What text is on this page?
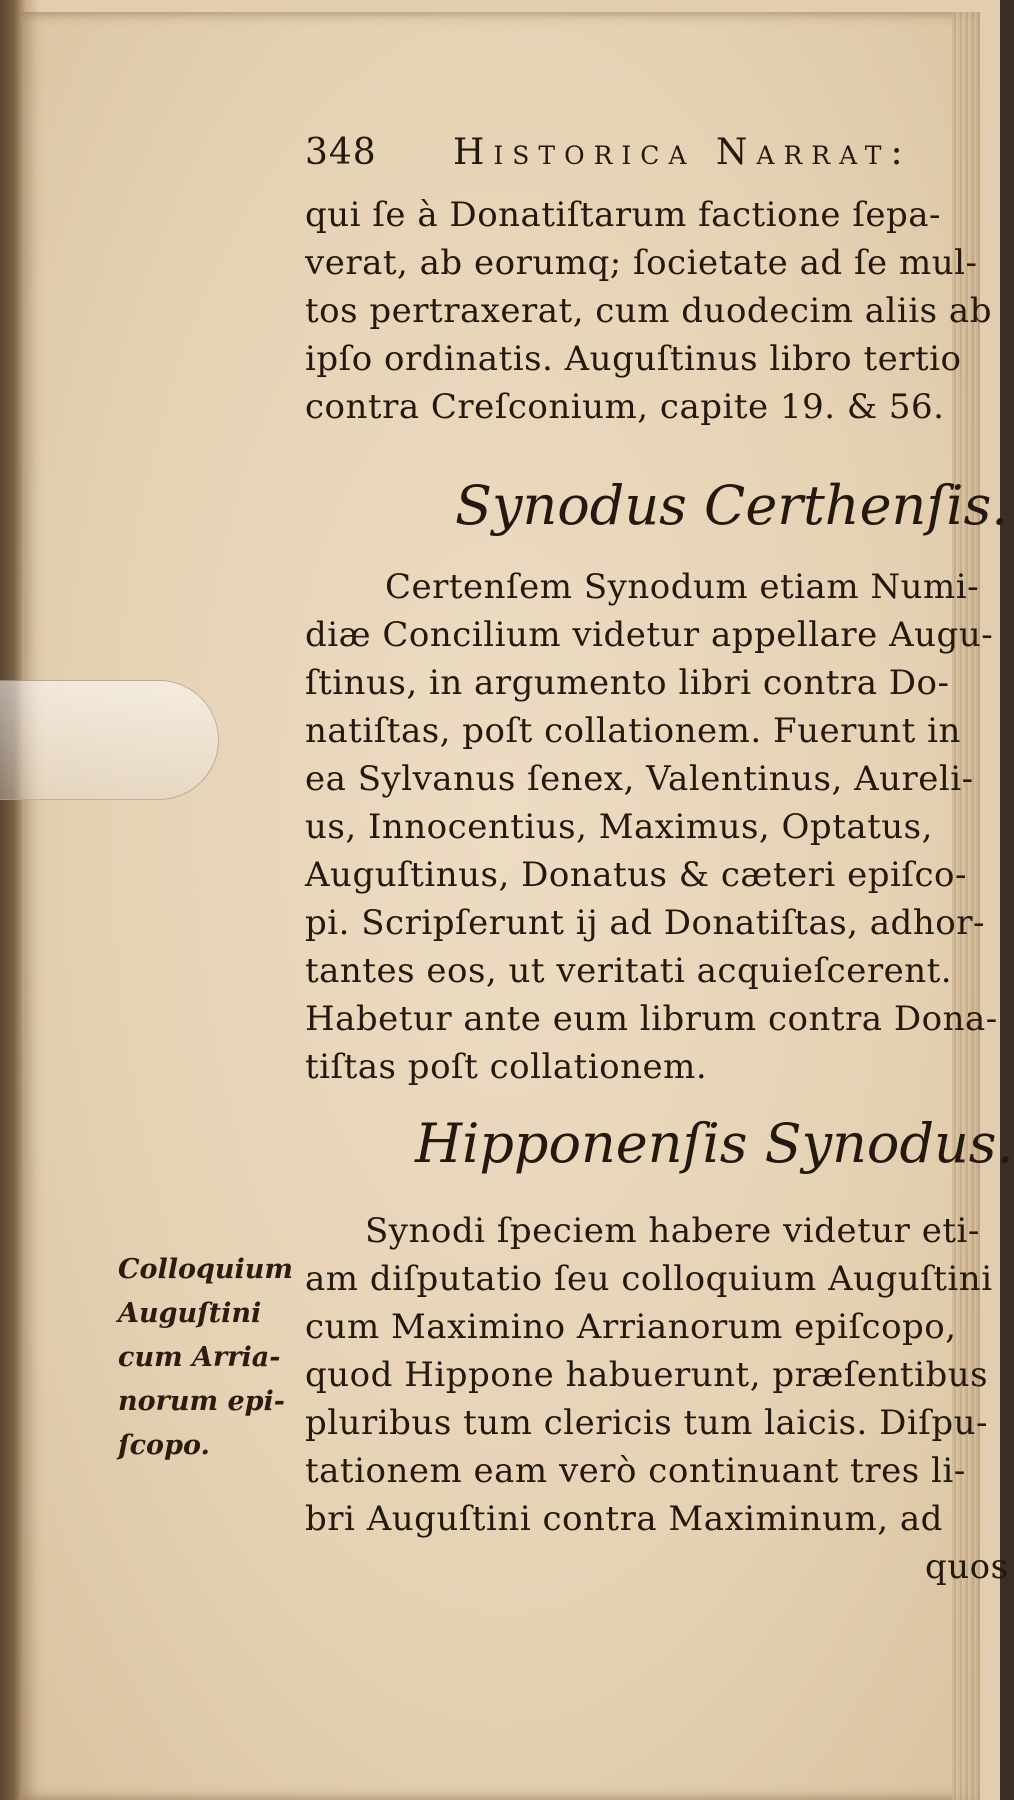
348 Historica Narrat:
qui ſe à Donatiſtarum factione ſepa-
verat, ab eorumq; ſocietate ad ſe mul-
tos pertraxerat, cum duodecim aliis ab
ipſo ordinatis. Auguſtinus libro tertio
contra Creſconium, capite 19. & 56.
Synodus Certhenſis.
Certenſem Synodum etiam Numi-
diæ Concilium videtur appellare Augu-
ſtinus, in argumento libri contra Do-
natiſtas, poſt collationem. Fuerunt in
ea Sylvanus ſenex, Valentinus, Aureli-
us, Innocentius, Maximus, Optatus,
Auguſtinus, Donatus & cæteri epiſco-
pi. Scripſerunt ij ad Donatiſtas, adhor-
tantes eos, ut veritati acquieſcerent.
Habetur ante eum librum contra Dona-
tiſtas poſt collationem.
Hipponenſis Synodus.
Synodi ſpeciem habere videtur eti-
am diſputatio ſeu colloquium Auguſtini
cum Maximino Arrianorum epiſcopo,
quod Hippone habuerunt, præſentibus
pluribus tum clericis tum laicis. Diſpu-
tationem eam verò continuant tres li-
bri Auguſtini contra Maximinum, ad
quos
Colloquium
Auguſtini
cum Arria-
norum epi-
ſcopo.
